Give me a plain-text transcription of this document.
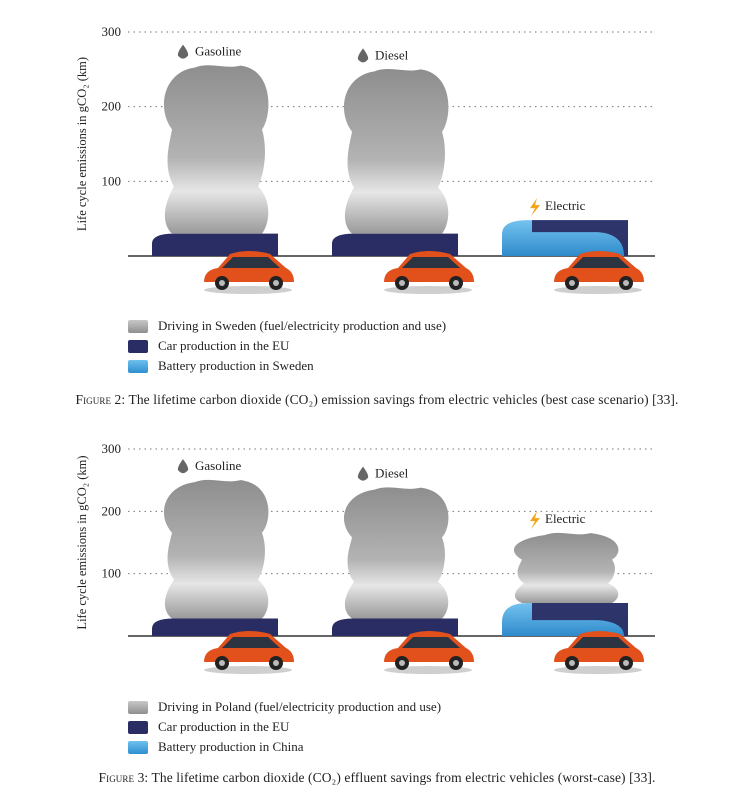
100
200
300
Life cycle emissions in gCO₂ (km)
Gasoline	Diesel
Electric
Driving in Sweden (fuel/electricity production and use)
Car production in the EU
Battery production in Sweden
Figure 2: The lifetime carbon dioxide (CO₂) emission savings from electric vehicles (best case scenario) [33].
100
200
300
Life cycle emissions in gCO₂ (km)	Gasoline	Diesel
Electric
Driving in Poland (fuel/electricity production and use)
Car production in the EU
Battery production in China
Figure 3: The lifetime carbon dioxide (CO₂) effluent savings from electric vehicles (worst-case) [33].
